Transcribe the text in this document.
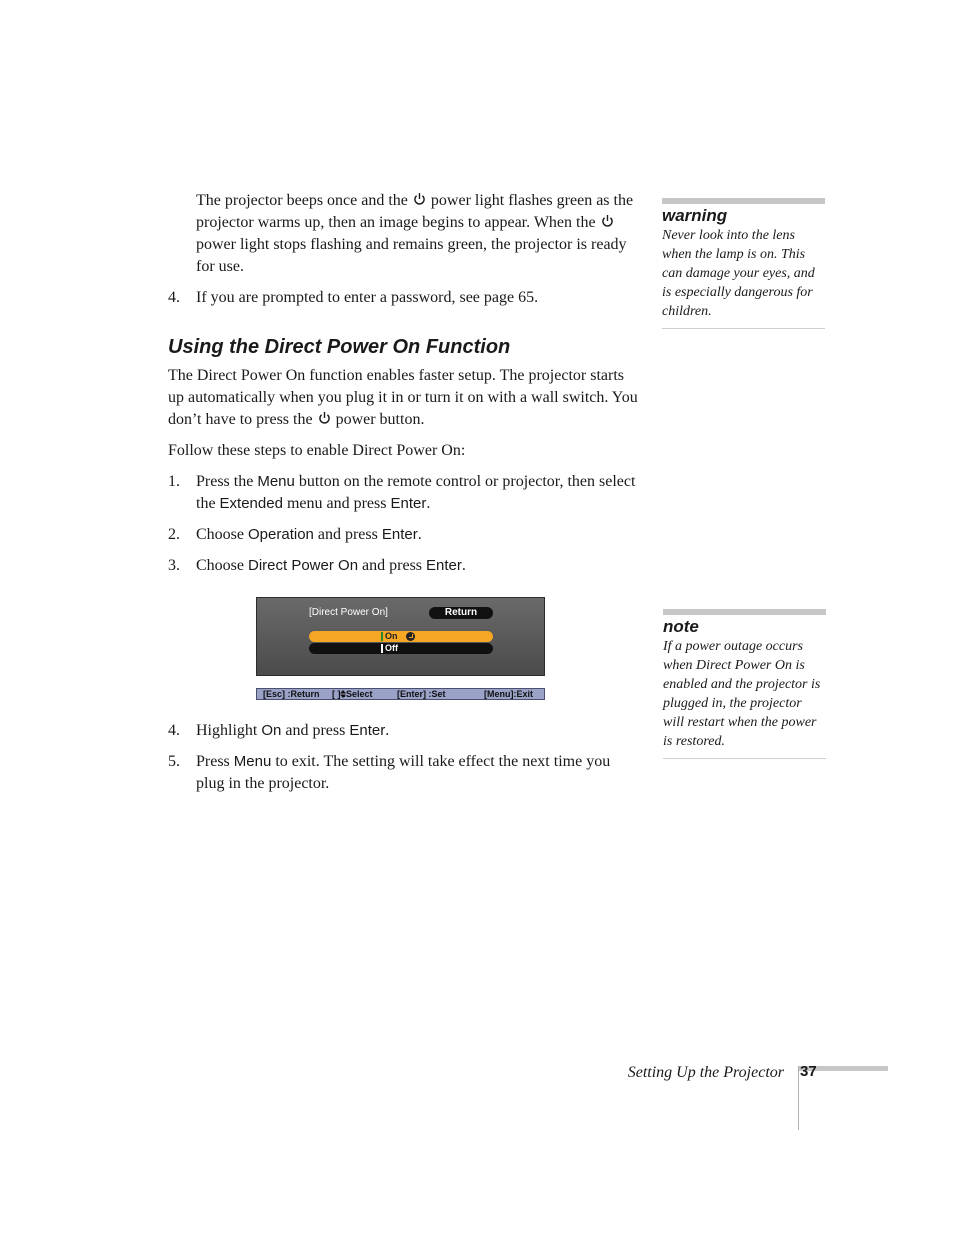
The projector beeps once and the power light flashes green as the projector warms up, then an image begins to appear. When the
power light stops flashing and remains green, the projector is ready for use.
4. If you are prompted to enter a password, see page 65.
Using the Direct Power On Function
The Direct Power On function enables faster setup. The projector starts up automatically when you plug it in or turn it on with a wall switch. You don’t have to press the power button.
Follow these steps to enable Direct Power On:
1. Press the Menu button on the remote control or projector, then select the Extended menu and press Enter.
2. Choose Operation and press Enter.
3. Choose Direct Power On and press Enter.
[Direct Power On]	Return
On
Off
[Esc] :Return [ ] :Select	[Enter] :Set	[Menu]:Exit
4. Highlight On and press Enter.
5. Press Menu to exit. The setting will take effect the next time you plug in the projector.
warning
Never look into the lens when the lamp is on. This can damage your eyes, and is especially dangerous for children.
note
If a power outage occurs when Direct Power On is enabled and the projector is plugged in, the projector will restart when the power is restored.
Setting Up the Projector 37
